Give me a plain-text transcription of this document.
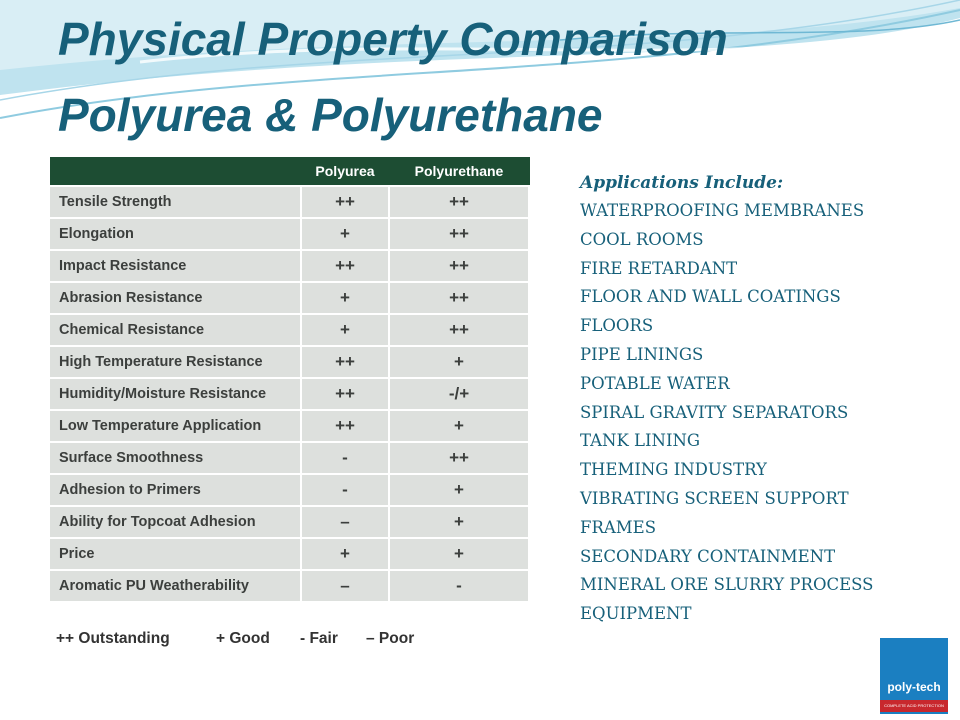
Physical Property Comparison
Polyurea & Polyurethane
Polyurea	Polyurethane
Tensile Strength	++	++
Elongation	+	++
Impact Resistance	++	++
Abrasion Resistance	+	++
Chemical Resistance	+	++
High Temperature Resistance	++	+
Humidity/Moisture Resistance	++	-/+
Low Temperature Application	++	+
Surface Smoothness	-	++
Adhesion to Primers	-	+
Ability for Topcoat Adhesion	–	+
Price	+	+
Aromatic PU Weatherability	–	-
++ Outstanding	+ Good - Fair – Poor
Applications Include:
WATERPROOFING MEMBRANES
COOL ROOMS
FIRE RETARDANT
FLOOR AND WALL COATINGS
FLOORS
PIPE LININGS
POTABLE WATER
SPIRAL GRAVITY SEPARATORS
TANK LINING
THEMING INDUSTRY
VIBRATING SCREEN SUPPORT
FRAMES
SECONDARY CONTAINMENT
MINERAL ORE SLURRY PROCESS
EQUIPMENT
poly-tech
COMPLETE ACID PROTECTION
